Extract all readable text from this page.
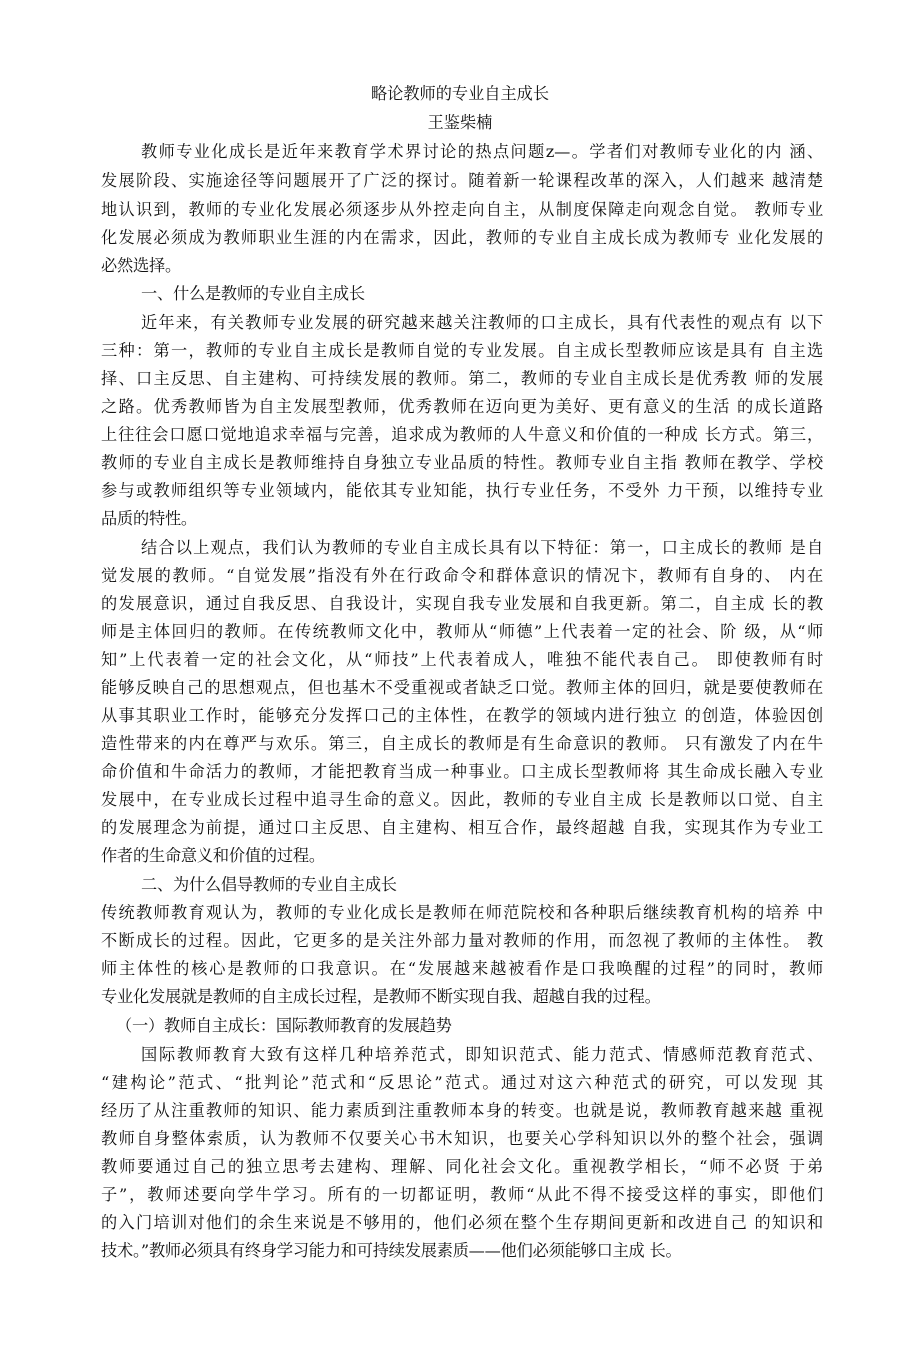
略论教师的专业自主成长
王鉴柴楠
教师专业化成长是近年来教育学术界讨论的热点问题z—。学者们对教师专业化的内 涵、
发展阶段、实施途径等问题展开了广泛的探讨。随着新一轮课程改革的深入，人们越来 越清楚
地认识到，教师的专业化发展必须逐步从外控走向自主，从制度保障走向观念自觉。 教师专业
化发展必须成为教师职业生涯的内在需求，因此，教师的专业自主成长成为教师专 业化发展的
必然选择。
一、什么是教师的专业自主成长
近年来，有关教师专业发展的研究越来越关注教师的口主成长，具有代表性的观点有 以下
三种：第一，教师的专业自主成长是教师自觉的专业发展。自主成长型教师应该是具有 自主选
择、口主反思、自主建构、可持续发展的教师。第二，教师的专业自主成长是优秀教 师的发展
之路。优秀教师皆为自主发展型教师，优秀教师在迈向更为美好、更有意义的生活 的成长道路
上往往会口愿口觉地追求幸福与完善，追求成为教师的人牛意义和价值的一种成 长方式。第三，
教师的专业自主成长是教师维持自身独立专业品质的特性。教师专业自主指 教师在教学、学校
参与或教师组织等专业领域内，能依其专业知能，执行专业任务，不受外 力干预，以维持专业
品质的特性。
结合以上观点，我们认为教师的专业自主成长具有以下特征：第一，口主成长的教师 是自
觉发展的教师。“自觉发展”指没有外在行政命令和群体意识的情况卞，教师有自身的、 内在
的发展意识，通过自我反思、自我设计，实现自我专业发展和自我更新。第二，自主成 长的教
师是主体回归的教师。在传统教师文化中，教师从“师德”上代表着一定的社会、阶 级，从“师
知”上代表着一定的社会文化，从“师技”上代表着成人，唯独不能代表自己。 即使教师有时
能够反映自己的思想观点，但也基木不受重视或者缺乏口觉。教师主体的回归，就是要使教师在
从事其职业工作时，能够充分发挥口己的主体性，在教学的领域内进行独立 的创造，体验因创
造性带来的内在尊严与欢乐。第三，自主成长的教师是有生命意识的教师。 只有激发了内在牛
命价值和牛命活力的教师，才能把教育当成一种事业。口主成长型教师将 其生命成长融入专业
发展中，在专业成长过程中追寻生命的意义。因此，教师的专业自主成 长是教师以口觉、自主
的发展理念为前提，通过口主反思、自主建构、相互合作，最终超越 自我，实现其作为专业工
作者的生命意义和价值的过程。
二、为什么倡导教师的专业自主成长
传统教师教育观认为，教师的专业化成长是教师在师范院校和各种职后继续教育机构的培养 中
不断成长的过程。因此，它更多的是关注外部力量对教师的作用，而忽视了教师的主体性。 教
师主体性的核心是教师的口我意识。在“发展越来越被看作是口我唤醒的过程”的同时，教师
专业化发展就是教师的自主成长过程，是教师不断实现自我、超越自我的过程。
（一）教师自主成长：国际教师教育的发展趋势
国际教师教育大致有这样几种培养范式，即知识范式、能力范式、情感师范教育范式、
“建构论”范式、“批判论”范式和“反思论”范式。通过对这六种范式的研究，可以发现 其
经历了从注重教师的知识、能力素质到注重教师本身的转变。也就是说，教师教育越来越 重视
教师自身整体索质，认为教师不仅要关心书木知识，也要关心学科知识以外的整个社会，强调
教师要通过自己的独立思考去建构、理解、同化社会文化。重视教学相长，“师不必贤 于弟
子”，教师述要向学牛学习。所有的一切都证明，教师“从此不得不接受这样的事实，即他们
的入门培训对他们的余生来说是不够用的，他们必须在整个生存期间更新和改进自己 的知识和
技术。”教师必须具有终身学习能力和可持续发展素质——他们必须能够口主成 长。
